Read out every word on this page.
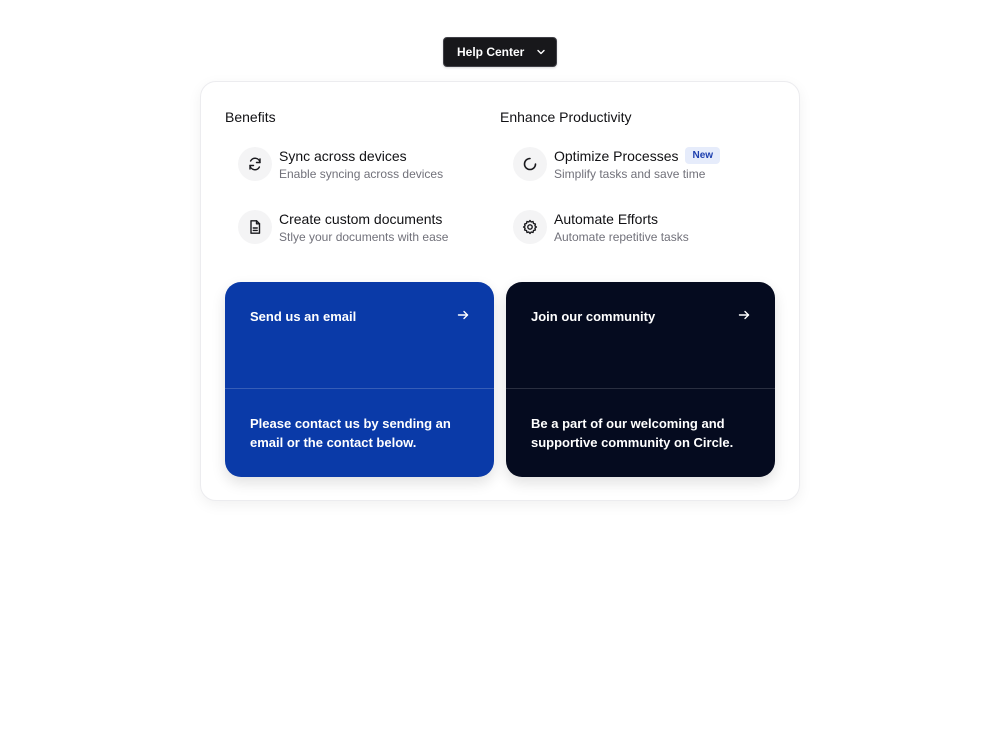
Help Center
Benefits	Enhance Productivity
Sync across devices
Enable syncing across devices
Create custom documents
Stlye your documents with ease
Optimize Processes	New
Simplify tasks and save time
Automate Efforts
Automate repetitive tasks
Send us an email
Please contact us by sending an email or the contact below.
Join our community
Be a part of our welcoming and supportive community on Circle.
